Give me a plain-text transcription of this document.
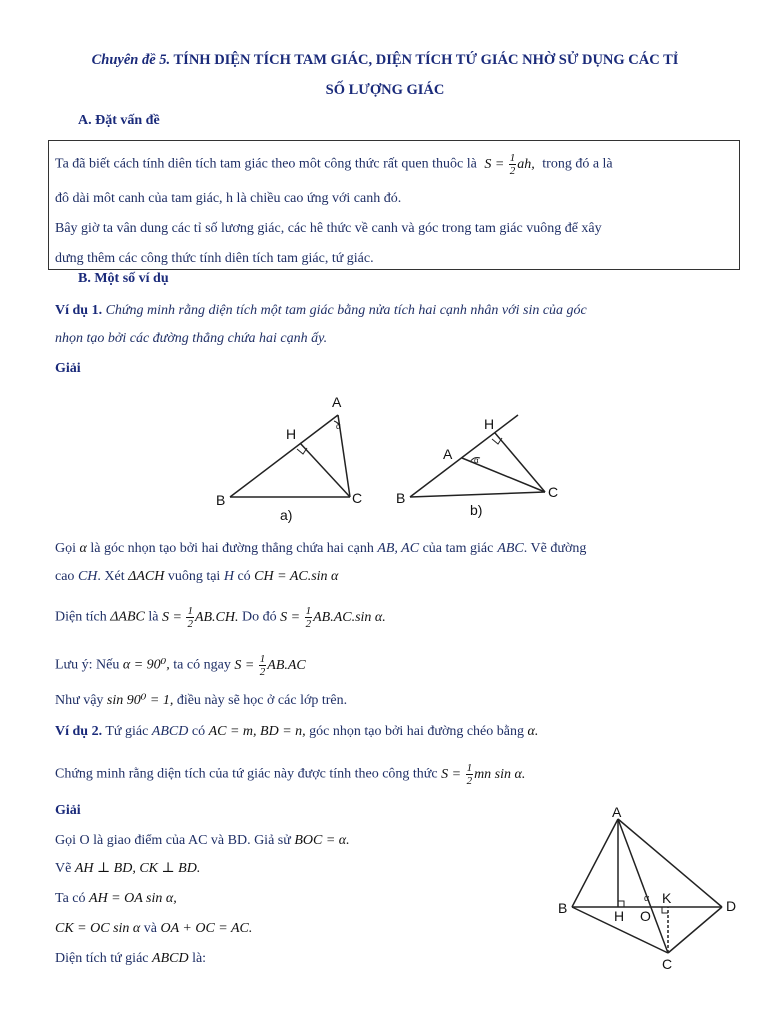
Chuyên đề 5. TÍNH DIỆN TÍCH TAM GIÁC, DIỆN TÍCH TỨ GIÁC NHỜ SỬ DỤNG CÁC TỈ
SỐ LƯỢNG GIÁC
A. Đặt vấn đề
Ta đã biết cách tính diên tích tam giác theo môt công thức rất quen thuôc là $S = \frac{1}{2}$ ah, trong đó a là
đô dài môt canh của tam giác, h là chiều cao ứng với canh đó.
Bây giờ ta vân dung các tỉ số lương giác, các hê thức về canh và góc trong tam giác vuông để xây
dưng thêm các công thức tính diên tích tam giác, tứ giác.
B. Một số ví dụ
Ví dụ 1. Chứng minh rằng diện tích một tam giác bằng nửa tích hai cạnh nhân với sin của góc
nhọn tạo bởi các đường thẳng chứa hai cạnh ấy.
Giải
A
H
B	C
a)
A
H
B	C
b)
α
α
Gọi α là góc nhọn tạo bởi hai đường thẳng chứa hai cạnh AB, AC của tam giác ABC. Vẽ đường
cao CH. Xét ΔACH vuông tại H có CH = AC.sin α
Diện tích ΔABC là $S = \frac{1}{2} AB.CH$. Do đó $S = \frac{1}{2} AB.AC.\sin$ α.
Lưu ý: Nếu α = 90⁰, ta có ngay $S = \frac{1}{2} AB.AC$
Như vậy sin 90⁰ = 1, điều này sẽ học ở các lớp trên.
Ví dụ 2. Tứ giác ABCD có AC = m, BD = n, góc nhọn tạo bởi hai đường chéo bằng α.
Chứng minh rằng diện tích của tứ giác này được tính theo công thức $S = \frac{1}{2}$ mn sin α.
Giải
Gọi O là giao điểm của AC và BD. Giả sử BOC = α.
Vẽ AH ⊥ BD, CK ⊥ BD.
Ta có AH = OA sin α,
CK = OC sin α và OA + OC = AC.
Diện tích tứ giác ABCD là:
A
B	H O
K	D
C
α
